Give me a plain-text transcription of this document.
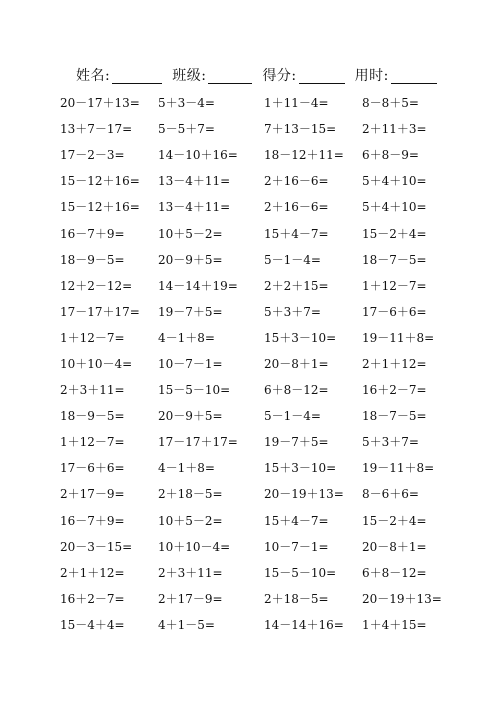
姓名:	班级:	得分:	用时:
20－17＋13=	5＋3－4=	1＋11－4=	8－8＋5=
13＋7－17=	5－5＋7=	7＋13－15=	2＋11＋3=
17－2－3=	14－10＋16=	18－12＋11=	6＋8－9=
15－12＋16=	13－4＋11=	2＋16－6=	5＋4＋10=
15－12＋16=	13－4＋11=	2＋16－6=	5＋4＋10=
16－7＋9=	10＋5－2=	15＋4－7=	15－2＋4=
18－9－5=	20－9＋5=	5－1－4=	18－7－5=
12＋2－12=	14－14＋19=	2＋2＋15=	1＋12－7=
17－17＋17=	19－7＋5=	5＋3＋7=	17－6＋6=
1＋12－7=	4－1＋8=	15＋3－10=	19－11＋8=
10＋10－4=	10－7－1=	20－8＋1=	2＋1＋12=
2＋3＋11=	15－5－10=	6＋8－12=	16＋2－7=
18－9－5=	20－9＋5=	5－1－4=	18－7－5=
1＋12－7=	17－17＋17=	19－7＋5=	5＋3＋7=
17－6＋6=	4－1＋8=	15＋3－10=	19－11＋8=
2＋17－9=	2＋18－5=	20－19＋13=	8－6＋6=
16－7＋9=	10＋5－2=	15＋4－7=	15－2＋4=
20－3－15=	10＋10－4=	10－7－1=	20－8＋1=
2＋1＋12=	2＋3＋11=	15－5－10=	6＋8－12=
16＋2－7=	2＋17－9=	2＋18－5=	20－19＋13=
15－4＋4=	4＋1－5=	14－14＋16=	1＋4＋15=
